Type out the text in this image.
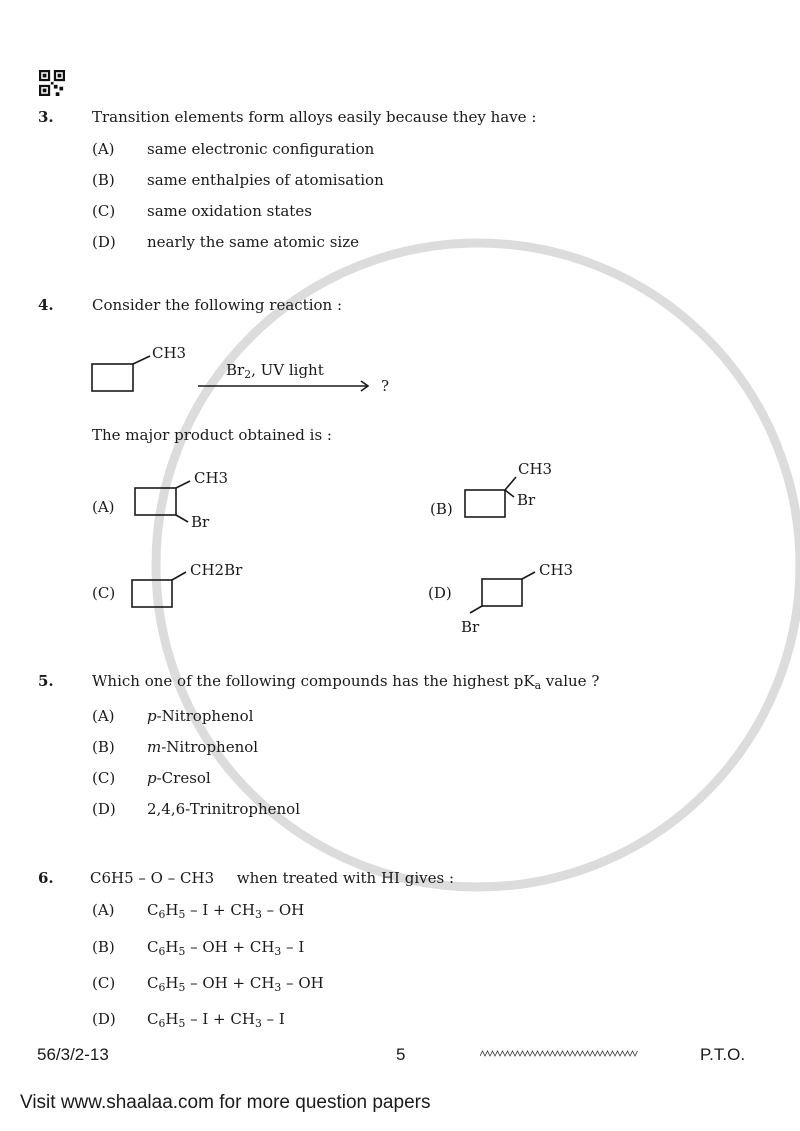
3.	Transition elements form alloys easily because they have :
(A) same electronic configuration
(B) same enthalpies of atomisation
(C) same oxidation states
(D) nearly the same atomic size
4.	Consider the following reaction :
CH3
$Br_2$, UV light
?
The major product obtained is :
(A)
CH3
Br
(B)
CH3
Br
(C)
CH2Br
(D)
CH3
Br
5.	Which one of the following compounds has the highest $pK_a$ value ?
(A) p-Nitrophenol
(B) m-Nitrophenol
(C) p-Cresol
(D) 2,4,6-Trinitrophenol
6. C6H5 – O – CH3 when treated with HI gives :
(A) $C_6H_5 - I + CH_3$ – OH
(B) $C_6H_5$ – OH + $CH_3$ – I
(C) $C_6H_5$ – OH + $CH_3$ – OH
(D) $C_6H_5 - I + CH_3 - I$
56/3/2-13	5	P.T.O.
Visit www.shaalaa.com for more question papers
